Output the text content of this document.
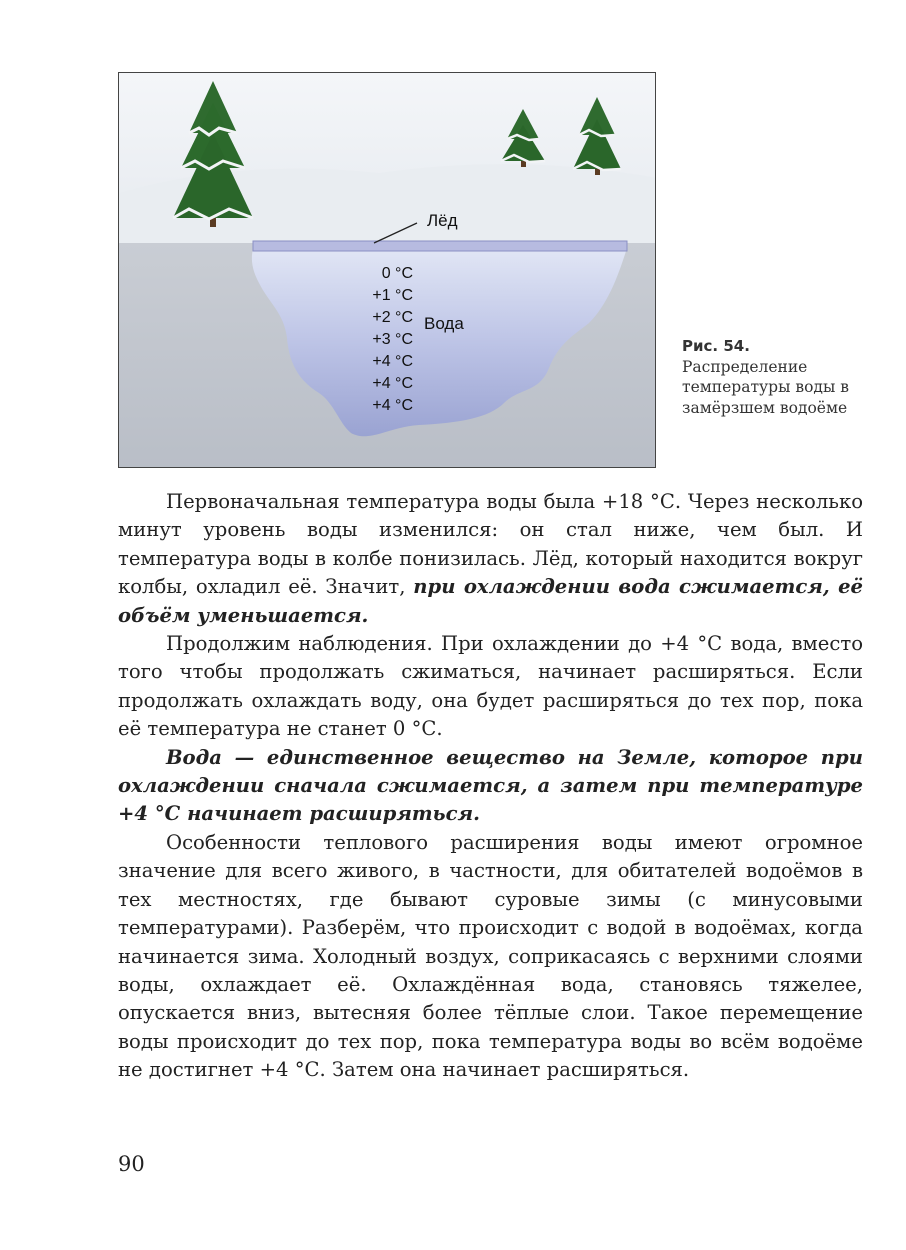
Лёд
Вода
0 °C
+1 °C
+2 °C
+3 °C
+4 °C
+4 °C
+4 °C
Рис. 54. Распределение температуры воды в замёрзшем водоёме

Первоначальная температура воды была +18 °С. Через несколько минут уровень воды изменился: он стал ниже, чем был. И температура воды в колбе понизилась. Лёд, который находится вокруг колбы, охладил её. Значит, при охлаждении вода сжимается, её объём уменьшается.

Продолжим наблюдения. При охлаждении до +4 °С вода, вместо того чтобы продолжать сжиматься, начинает расширяться. Если продолжать охлаждать воду, она будет расширяться до тех пор, пока её температура не станет 0 °С.

Вода — единственное вещество на Земле, которое при охлаждении сначала сжимается, а затем при температуре +4 °С начинает расширяться.

Особенности теплового расширения воды имеют огромное значение для всего живого, в частности, для обитателей водоёмов в тех местностях, где бывают суровые зимы (с минусовыми температурами). Разберём, что происходит с водой в водоёмах, когда начинается зима. Холодный воздух, соприкасаясь с верхними слоями воды, охлаждает её. Охлаждённая вода, становясь тяжелее, опускается вниз, вытесняя более тёплые слои. Такое перемещение воды происходит до тех пор, пока температура воды во всём водоёме не достигнет +4 °С. Затем она начинает расширяться.

90
